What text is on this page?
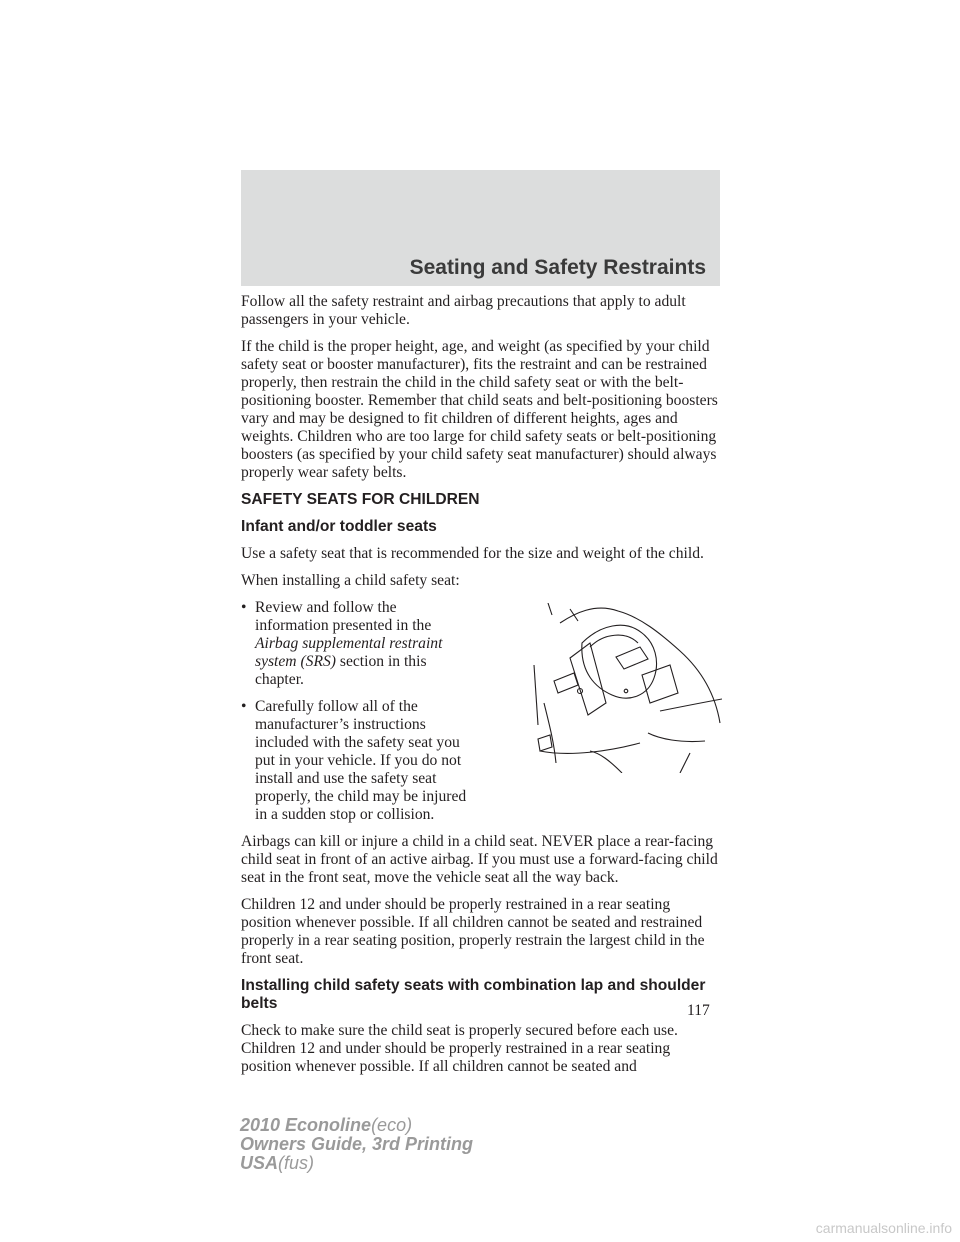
Seating and Safety Restraints

Follow all the safety restraint and airbag precautions that apply to adult passengers in your vehicle.

If the child is the proper height, age, and weight (as specified by your child safety seat or booster manufacturer), fits the restraint and can be restrained properly, then restrain the child in the child safety seat or with the belt-positioning booster. Remember that child seats and belt-positioning boosters vary and may be designed to fit children of different heights, ages and weights. Children who are too large for child safety seats or belt-positioning boosters (as specified by your child safety seat manufacturer) should always properly wear safety belts.

SAFETY SEATS FOR CHILDREN
Infant and/or toddler seats

Use a safety seat that is recommended for the size and weight of the child.

When installing a child safety seat:

• Review and follow the information presented in the Airbag supplemental restraint system (SRS) section in this chapter.
• Carefully follow all of the manufacturer’s instructions included with the safety seat you put in your vehicle. If you do not install and use the safety seat properly, the child may be injured in a sudden stop or collision.

Airbags can kill or injure a child in a child seat. NEVER place a rear-facing child seat in front of an active airbag. If you must use a forward-facing child seat in the front seat, move the vehicle seat all the way back.

Children 12 and under should be properly restrained in a rear seating position whenever possible. If all children cannot be seated and restrained properly in a rear seating position, properly restrain the largest child in the front seat.

Installing child safety seats with combination lap and shoulder belts

Check to make sure the child seat is properly secured before each use. Children 12 and under should be properly restrained in a rear seating position whenever possible. If all children cannot be seated and

117
2010 Econoline(eco)
Owners Guide, 3rd Printing
USA(fus)
carmanualsonline.info
